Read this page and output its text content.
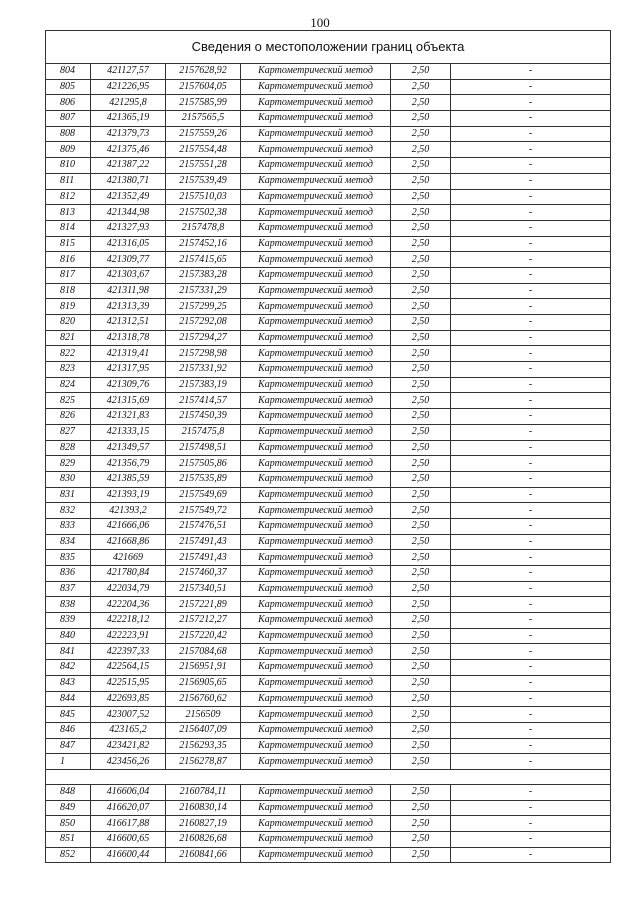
100
Сведения о местоположении границ объекта					
804	421127,57	2157628,92	Картометрический метод	2,50	-
805	421226,95	2157604,05	Картометрический метод	2,50	-
806	421295,8	2157585,99	Картометрический метод	2,50	-
807	421365,19	2157565,5	Картометрический метод	2,50	-
808	421379,73	2157559,26	Картометрический метод	2,50	-
809	421375,46	2157554,48	Картометрический метод	2,50	-
810	421387,22	2157551,28	Картометрический метод	2,50	-
811	421380,71	2157539,49	Картометрический метод	2,50	-
812	421352,49	2157510,03	Картометрический метод	2,50	-
813	421344,98	2157502,38	Картометрический метод	2,50	-
814	421327,93	2157478,8	Картометрический метод	2,50	-
815	421316,05	2157452,16	Картометрический метод	2,50	-
816	421309,77	2157415,65	Картометрический метод	2,50	-
817	421303,67	2157383,28	Картометрический метод	2,50	-
818	421311,98	2157331,29	Картометрический метод	2,50	-
819	421313,39	2157299,25	Картометрический метод	2,50	-
820	421312,51	2157292,08	Картометрический метод	2,50	-
821	421318,78	2157294,27	Картометрический метод	2,50	-
822	421319,41	2157298,98	Картометрический метод	2,50	-
823	421317,95	2157331,92	Картометрический метод	2,50	-
824	421309,76	2157383,19	Картометрический метод	2,50	-
825	421315,69	2157414,57	Картометрический метод	2,50	-
826	421321,83	2157450,39	Картометрический метод	2,50	-
827	421333,15	2157475,8	Картометрический метод	2,50	-
828	421349,57	2157498,51	Картометрический метод	2,50	-
829	421356,79	2157505,86	Картометрический метод	2,50	-
830	421385,59	2157535,89	Картометрический метод	2,50	-
831	421393,19	2157549,69	Картометрический метод	2,50	-
832	421393,2	2157549,72	Картометрический метод	2,50	-
833	421666,06	2157476,51	Картометрический метод	2,50	-
834	421668,86	2157491,43	Картометрический метод	2,50	-
835	421669	2157491,43	Картометрический метод	2,50	-
836	421780,84	2157460,37	Картометрический метод	2,50	-
837	422034,79	2157340,51	Картометрический метод	2,50	-
838	422204,36	2157221,89	Картометрический метод	2,50	-
839	422218,12	2157212,27	Картометрический метод	2,50	-
840	422223,91	2157220,42	Картометрический метод	2,50	-
841	422397,33	2157084,68	Картометрический метод	2,50	-
842	422564,15	2156951,91	Картометрический метод	2,50	-
843	422515,95	2156905,65	Картометрический метод	2,50	-
844	422693,85	2156760,62	Картометрический метод	2,50	-
845	423007,52	2156509	Картометрический метод	2,50	-
846	423165,2	2156407,09	Картометрический метод	2,50	-
847	423421,82	2156293,35	Картометрический метод	2,50	-
1	423456,26	2156278,87	Картометрический метод	2,50	-

848	416606,04	2160784,11	Картометрический метод	2,50	-
849	416620,07	2160830,14	Картометрический метод	2,50	-
850	416617,88	2160827,19	Картометрический метод	2,50	-
851	416600,65	2160826,68	Картометрический метод	2,50	-
852	416600,44	2160841,66	Картометрический метод	2,50	-
